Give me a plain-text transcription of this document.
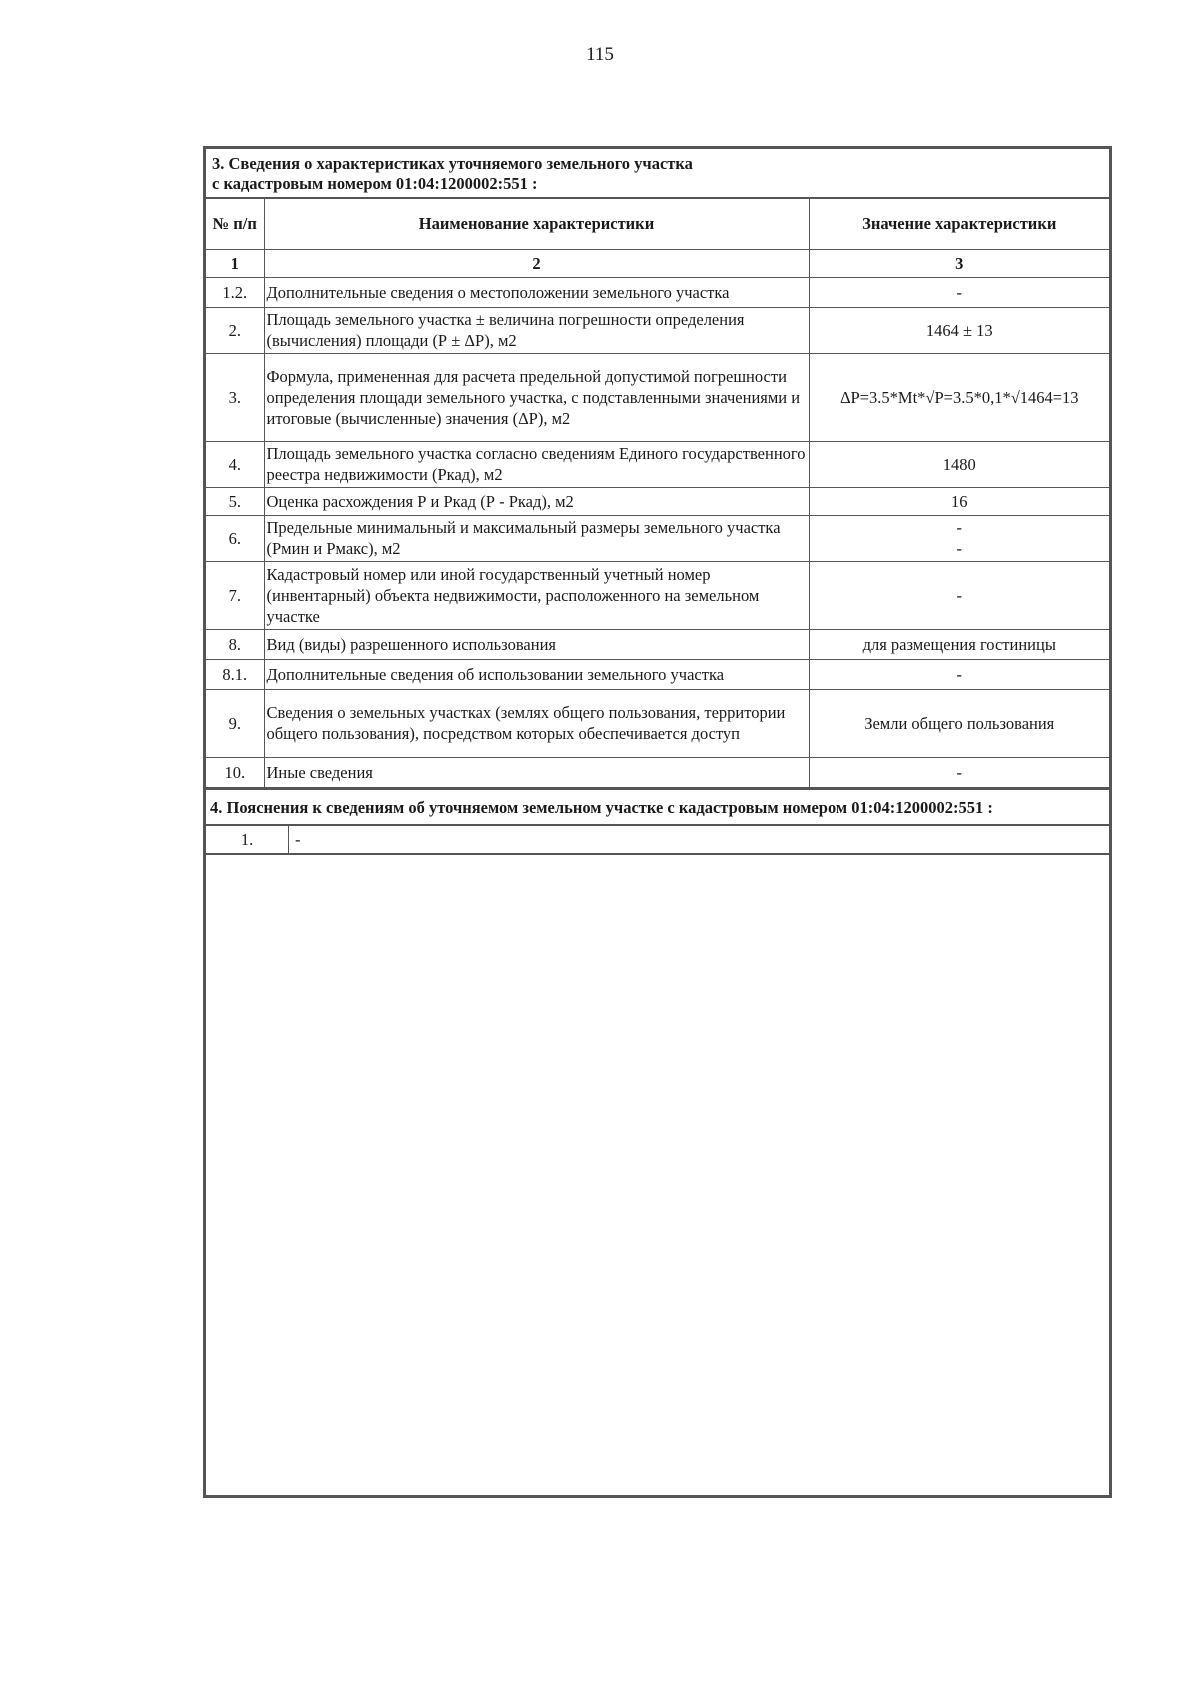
115
3. Сведения о характеристиках уточняемого земельного участка
с кадастровым номером 01:04:1200002:551 :
№ п/п	Наименование характеристики	Значение характеристики
1	2	3
1.2.	Дополнительные сведения о местоположении земельного участка	-
2.	Площадь земельного участка ± величина погрешности определения (вычисления) площади (Р ± ΔР), м2	1464 ± 13
3.	Формула, примененная для расчета предельной допустимой погрешности определения площади земельного участка, с подставленными значениями и итоговые (вычисленные) значения (ΔР), м2	ΔР=3.5*Mt*√Р=3.5*0,1*√1464=13
4.	Площадь земельного участка согласно сведениям Единого государственного реестра недвижимости (Ркад), м2	1480
5.	Оценка расхождения Р и Ркад (Р - Ркад), м2	16
6.	Предельные минимальный и максимальный размеры земельного участка (Рмин и Рмакс), м2	-
-

7.	Кадастровый номер или иной государственный учетный номер (инвентарный) объекта недвижимости, расположенного на земельном участке	-
8.	Вид (виды) разрешенного использования	для размещения гостиницы
8.1.	Дополнительные сведения об использовании земельного участка	-
9.	Сведения о земельных участках (землях общего пользования, территории общего пользования), посредством которых обеспечивается доступ	Земли общего пользования
10.	Иные сведения	-
4. Пояснения к сведениям об уточняемом земельном участке с кадастровым номером 01:04:1200002:551 :
1.	-
